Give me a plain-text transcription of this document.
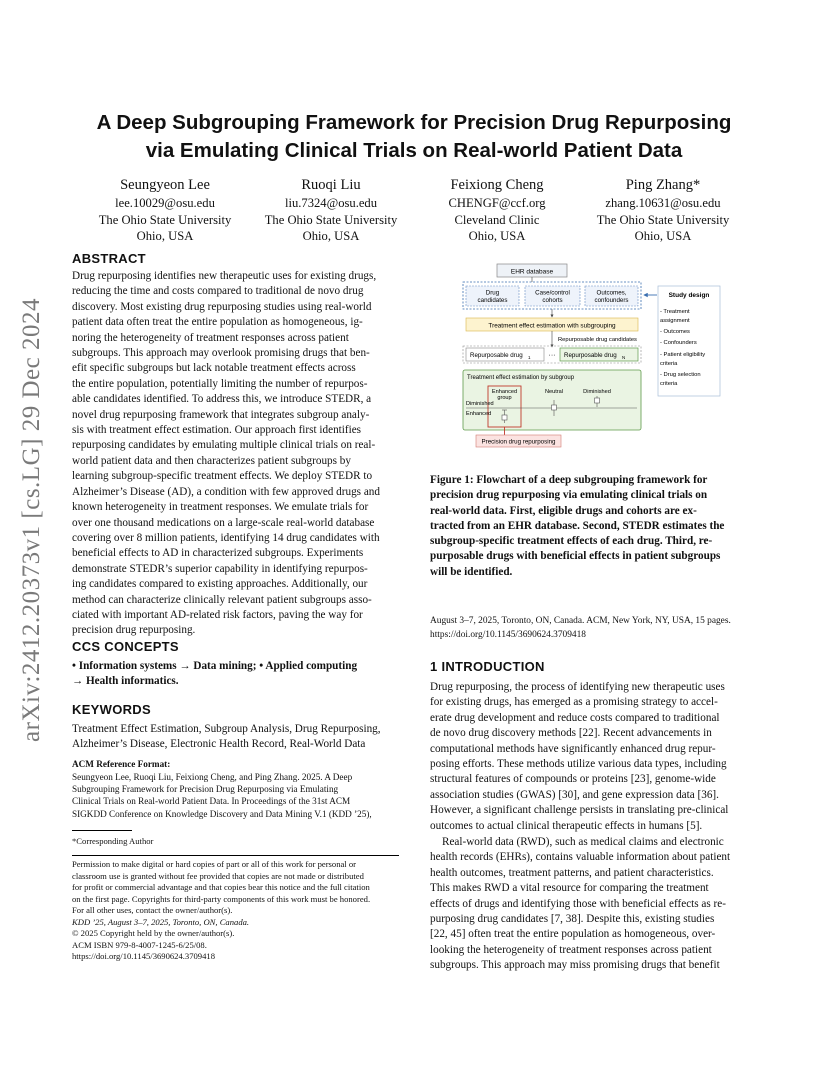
arXiv:2412.20373v1 [cs.LG] 29 Dec 2024
A Deep Subgrouping Framework for Precision Drug Repurposing
via Emulating Clinical Trials on Real-world Patient Data
Seungyeon Lee
lee.10029@osu.edu
The Ohio State University
Ohio, USA
Ruoqi Liu
liu.7324@osu.edu
The Ohio State University
Ohio, USA
Feixiong Cheng
CHENGF@ccf.org
Cleveland Clinic
Ohio, USA
Ping Zhang*
zhang.10631@osu.edu
The Ohio State University
Ohio, USA
ABSTRACT
Drug repurposing identifies new therapeutic uses for existing drugs,
reducing the time and costs compared to traditional de novo drug
discovery. Most existing drug repurposing studies using real-world
patient data often treat the entire population as homogeneous, ig-
noring the heterogeneity of treatment responses across patient
subgroups. This approach may overlook promising drugs that ben-
efit specific subgroups but lack notable treatment effects across
the entire population, potentially limiting the number of repurpos-
able candidates identified. To address this, we introduce STEDR, a
novel drug repurposing framework that integrates subgroup analy-
sis with treatment effect estimation. Our approach first identifies
repurposing candidates by emulating multiple clinical trials on real-
world patient data and then characterizes patient subgroups by
learning subgroup-specific treatment effects. We deploy STEDR to
Alzheimer’s Disease (AD), a condition with few approved drugs and
known heterogeneity in treatment responses. We emulate trials for
over one thousand medications on a large-scale real-world database
covering over 8 million patients, identifying 14 drug candidates with
beneficial effects to AD in characterized subgroups. Experiments
demonstrate STEDR’s superior capability in identifying repurpos-
ing candidates compared to existing approaches. Additionally, our
method can characterize clinically relevant patient subgroups asso-
ciated with important AD-related risk factors, paving the way for
precision drug repurposing.
CCS CONCEPTS
• Information systems → Data mining; • Applied computing
→ Health informatics.
KEYWORDS
Treatment Effect Estimation, Subgroup Analysis, Drug Repurposing,
Alzheimer’s Disease, Electronic Health Record, Real-World Data
ACM Reference Format:
Seungyeon Lee, Ruoqi Liu, Feixiong Cheng, and Ping Zhang. 2025. A Deep
Subgrouping Framework for Precision Drug Repurposing via Emulating
Clinical Trials on Real-world Patient Data. In Proceedings of the 31st ACM
SIGKDD Conference on Knowledge Discovery and Data Mining V.1 (KDD ’25),
*Corresponding Author
Permission to make digital or hard copies of part or all of this work for personal or
classroom use is granted without fee provided that copies are not made or distributed
for profit or commercial advantage and that copies bear this notice and the full citation
on the first page. Copyrights for third-party components of this work must be honored.
For all other uses, contact the owner/author(s).
KDD ’25, August 3–7, 2025, Toronto, ON, Canada.
© 2025 Copyright held by the owner/author(s).
ACM ISBN 979-8-4007-1245-6/25/08.
https://doi.org/10.1145/3690624.3709418
EHR database
Drug
candidates
Case/control
cohorts
Outcomes,
confounders
Study design
- Treatment
assignment
- Outcomes
- Confounders
- Patient eligibility
criteria
- Drug selection
criteria
Treatment effect estimation with subgrouping
Repurposable drug candidates
Repurposable drug 1	··· Repurposable drug N
Treatment effect estimation by subgroup
Enhanced
group
Neutral	Diminished
Diminished
Enhanced
Precision drug repurposing
Figure 1: Flowchart of a deep subgrouping framework for
precision drug repurposing via emulating clinical trials on
real-world data. First, eligible drugs and cohorts are ex-
tracted from an EHR database. Second, STEDR estimates the
subgroup-specific treatment effects of each drug. Third, re-
purposable drugs with beneficial effects in patient subgroups
will be identified.
August 3–7, 2025, Toronto, ON, Canada. ACM, New York, NY, USA, 15 pages.
https://doi.org/10.1145/3690624.3709418
1 INTRODUCTION
Drug repurposing, the process of identifying new therapeutic uses
for existing drugs, has emerged as a promising strategy to accel-
erate drug development and reduce costs compared to traditional
de novo drug discovery methods [22]. Recent advancements in
computational methods have significantly enhanced drug repur-
posing efforts. These methods utilize various data types, including
structural features of compounds or proteins [23], genome-wide
association studies (GWAS) [30], and gene expression data [36].
However, a significant challenge persists in translating pre-clinical
outcomes to actual clinical therapeutic effects in humans [5].
Real-world data (RWD), such as medical claims and electronic
health records (EHRs), contains valuable information about patient
health outcomes, treatment patterns, and patient characteristics.
This makes RWD a vital resource for comparing the treatment
effects of drugs and identifying those with beneficial effects as re-
purposing drug candidates [7, 38]. Despite this, existing studies
[22, 45] often treat the entire population as homogeneous, over-
looking the heterogeneity of treatment responses across patient
subgroups. This approach may miss promising drugs that benefit
